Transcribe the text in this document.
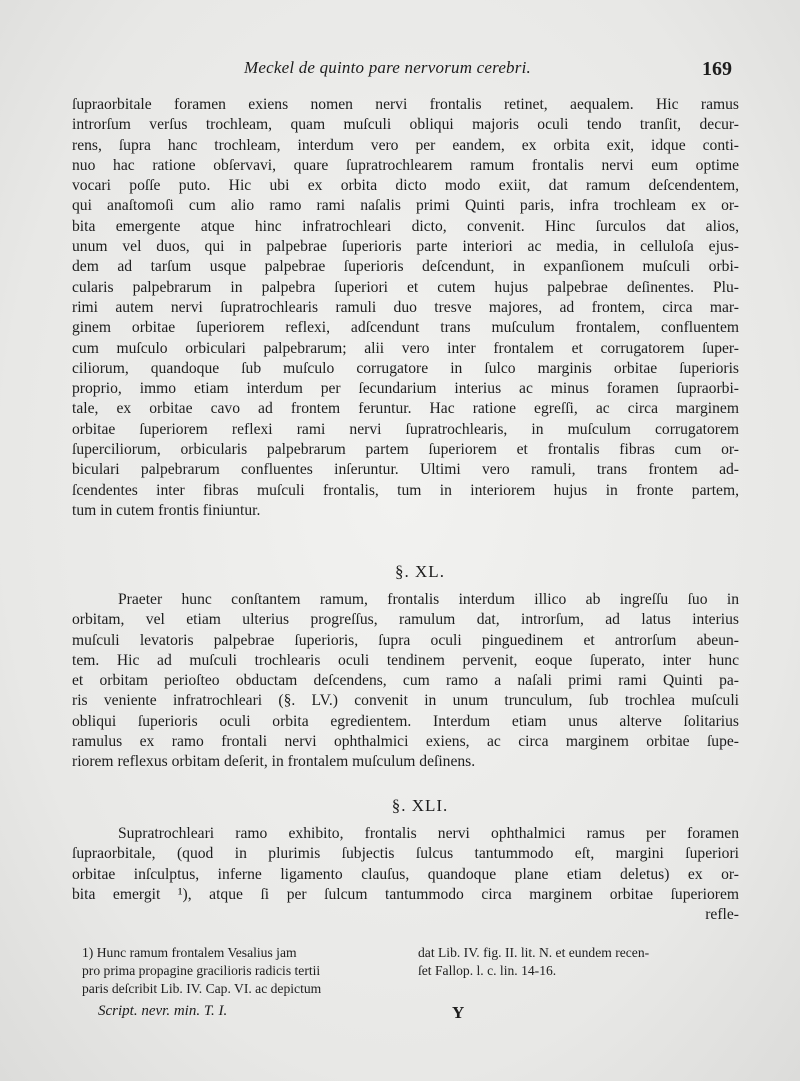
Meckel de quinto pare nervorum cerebri.	169
ſupraorbitale foramen exiens nomen nervi frontalis retinet, aequalem. Hic ramus
introrſum verſus trochleam, quam muſculi obliqui majoris oculi tendo tranſit, decur-
rens, ſupra hanc trochleam, interdum vero per eandem, ex orbita exit, idque conti-
nuo hac ratione obſervavi, quare ſupratrochlearem ramum frontalis nervi eum optime
vocari poſſe puto. Hic ubi ex orbita dicto modo exiit, dat ramum deſcendentem,
qui anaſtomoſi cum alio ramo rami naſalis primi Quinti paris, infra trochleam ex or-
bita emergente atque hinc infratrochleari dicto, convenit. Hinc ſurculos dat alios,
unum vel duos, qui in palpebrae ſuperioris parte interiori ac media, in celluloſa ejus-
dem ad tarſum usque palpebrae ſuperioris deſcendunt, in expanſionem muſculi orbi-
cularis palpebrarum in palpebra ſuperiori et cutem hujus palpebrae deſinentes. Plu-
rimi autem nervi ſupratrochlearis ramuli duo tresve majores, ad frontem, circa mar-
ginem orbitae ſuperiorem reflexi, adſcendunt trans muſculum frontalem, confluentem
cum muſculo orbiculari palpebrarum; alii vero inter frontalem et corrugatorem ſuper-
ciliorum, quandoque ſub muſculo corrugatore in ſulco marginis orbitae ſuperioris
proprio, immo etiam interdum per ſecundarium interius ac minus foramen ſupraorbi-
tale, ex orbitae cavo ad frontem feruntur. Hac ratione egreſſi, ac circa marginem
orbitae ſuperiorem reflexi rami nervi ſupratrochlearis, in muſculum corrugatorem
ſuperciliorum, orbicularis palpebrarum partem ſuperiorem et frontalis fibras cum or-
biculari palpebrarum confluentes inſeruntur. Ultimi vero ramuli, trans frontem ad-
ſcendentes inter fibras muſculi frontalis, tum in interiorem hujus in fronte partem,
tum in cutem frontis finiuntur.
§. XL.
Praeter hunc conſtantem ramum, frontalis interdum illico ab ingreſſu ſuo in
orbitam, vel etiam ulterius progreſſus, ramulum dat, introrſum, ad latus interius
muſculi levatoris palpebrae ſuperioris, ſupra oculi pinguedinem et antrorſum abeun-
tem. Hic ad muſculi trochlearis oculi tendinem pervenit, eoque ſuperato, inter hunc
et orbitam perioſteo obductam deſcendens, cum ramo a naſali primi rami Quinti pa-
ris veniente infratrochleari (§. LV.) convenit in unum trunculum, ſub trochlea muſculi
obliqui ſuperioris oculi orbita egredientem. Interdum etiam unus alterve ſolitarius
ramulus ex ramo frontali nervi ophthalmici exiens, ac circa marginem orbitae ſupe-
riorem reflexus orbitam deſerit, in frontalem muſculum deſinens.
§. XLI.
Supratrochleari ramo exhibito, frontalis nervi ophthalmici ramus per foramen
ſupraorbitale, (quod in plurimis ſubjectis ſulcus tantummodo eſt, margini ſuperiori
orbitae inſculptus, inferne ligamento clauſus, quandoque plane etiam deletus) ex or-
bita emergit ¹), atque ſi per ſulcum tantummodo circa marginem orbitae ſuperiorem
refle-
1) Hunc ramum frontalem Vesalius jam
pro prima propagine gracilioris radicis tertii
paris deſcribit Lib. IV. Cap. VI. ac depictum
dat Lib. IV. fig. II. lit. N. et eundem recen-
ſet Fallop. l. c. lin. 14-16.
Script. nevr. min. T. I.	Y
